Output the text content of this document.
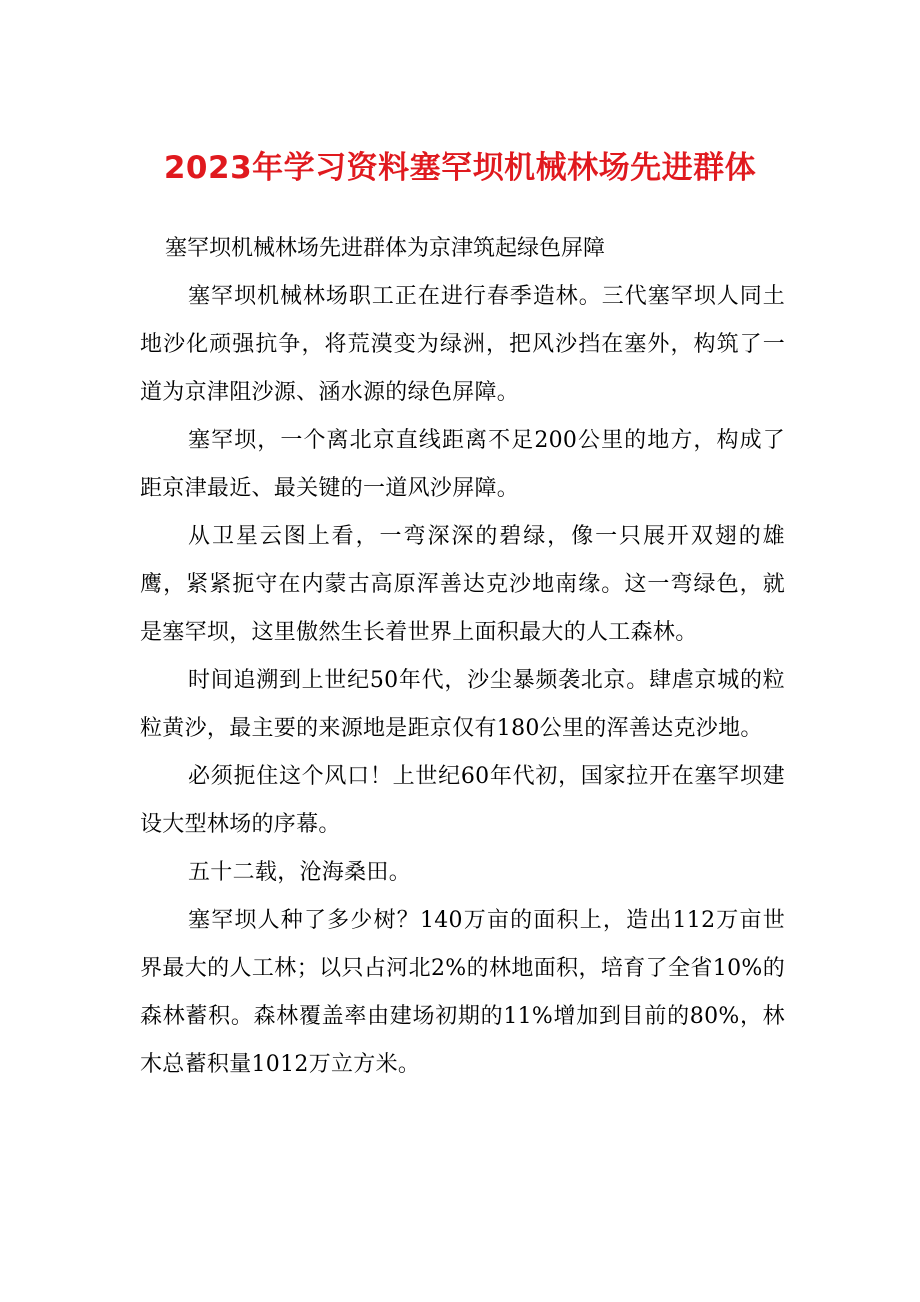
2023年学习资料塞罕坝机械林场先进群体

塞罕坝机械林场先进群体为京津筑起绿色屏障

塞罕坝机械林场职工正在进行春季造林。三代塞罕坝人同土地沙化顽强抗争，将荒漠变为绿洲，把风沙挡在塞外，构筑了一道为京津阻沙源、涵水源的绿色屏障。

塞罕坝，一个离北京直线距离不足200公里的地方，构成了距京津最近、最关键的一道风沙屏障。

从卫星云图上看，一弯深深的碧绿，像一只展开双翅的雄鹰，紧紧扼守在内蒙古高原浑善达克沙地南缘。这一弯绿色，就是塞罕坝，这里傲然生长着世界上面积最大的人工森林。

时间追溯到上世纪50年代，沙尘暴频袭北京。肆虐京城的粒粒黄沙，最主要的来源地是距京仅有180公里的浑善达克沙地。

必须扼住这个风口！上世纪60年代初，国家拉开在塞罕坝建设大型林场的序幕。

五十二载，沧海桑田。

塞罕坝人种了多少树？140万亩的面积上，造出112万亩世界最大的人工林；以只占河北2%的林地面积，培育了全省10%的森林蓄积。森林覆盖率由建场初期的11%增加到目前的80%，林木总蓄积量1012万立方米。
